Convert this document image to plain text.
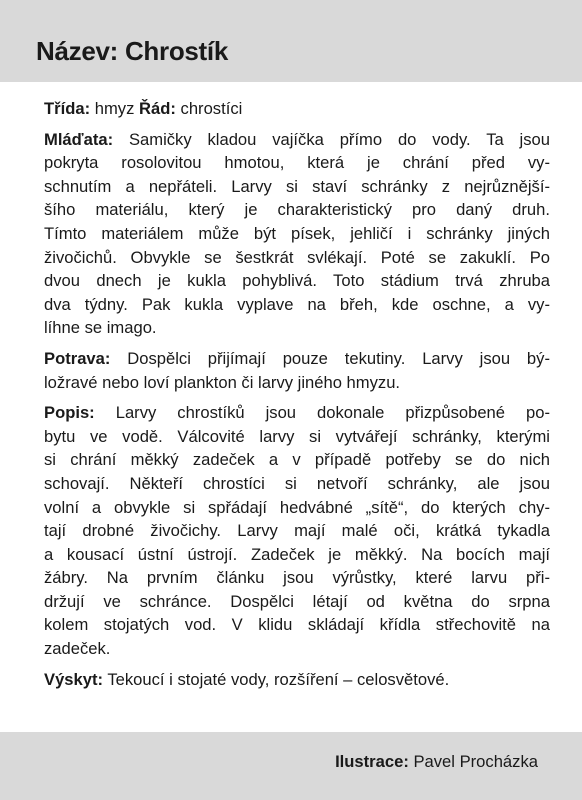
Název: Chrostík
Třída: hmyz Řád: chrostíci
Mláďata: Samičky kladou vajíčka přímo do vody. Ta jsou
pokryta rosolovitou hmotou, která je chrání před vy-
schnutím a nepřáteli. Larvy si staví schránky z nejrůznější-
šího materiálu, který je charakteristický pro daný druh.
Tímto materiálem může být písek, jehličí i schránky jiných
živočichů. Obvykle se šestkrát svlékají. Poté se zakuklí. Po
dvou dnech je kukla pohyblivá. Toto stádium trvá zhruba
dva týdny. Pak kukla vyplave na břeh, kde oschne, a vy-
líhne se imago.
Potrava: Dospělci přijímají pouze tekutiny. Larvy jsou bý-
ložravé nebo loví plankton či larvy jiného hmyzu.
Popis: Larvy chrostíků jsou dokonale přizpůsobené po-
bytu ve vodě. Válcovité larvy si vytvářejí schránky, kterými
si chrání měkký zadeček a v případě potřeby se do nich
schovají. Někteří chrostíci si netvoří schránky, ale jsou
volní a obvykle si spřádají hedvábné „sítě“, do kterých chy-
tají drobné živočichy. Larvy mají malé oči, krátká tykadla
a kousací ústní ústrojí. Zadeček je měkký. Na bocích mají
žábry. Na prvním článku jsou výrůstky, které larvu při-
držují ve schránce. Dospělci létají od května do srpna
kolem stojatých vod. V klidu skládají křídla střechovitě na
zadeček.
Výskyt: Tekoucí i stojaté vody, rozšíření – celosvětové.
Ilustrace: Pavel Procházka
